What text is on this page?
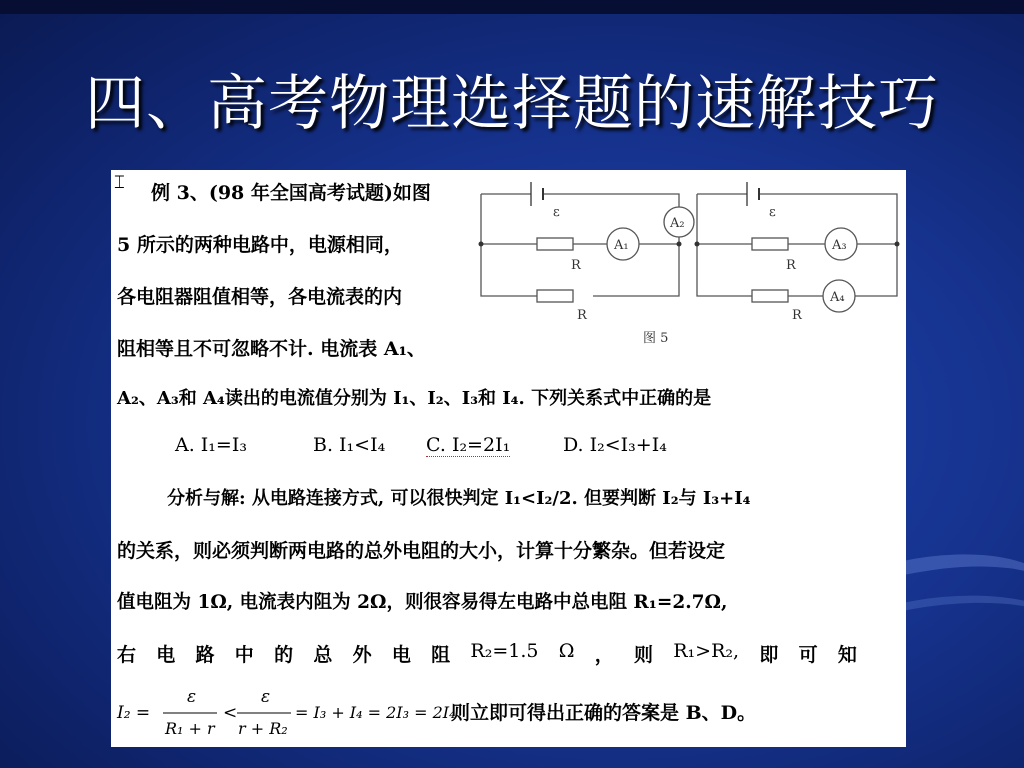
四、高考物理选择题的速解技巧
⌶ 例 3、(98 年全国高考试题)如图
5 所示的两种电路中，电源相同，
各电阻器阻值相等，各电流表的内
阻相等且不可忽略不计. 电流表 A₁、
A₂、A₃和 A₄读出的电流值分别为 I₁、I₂、I₃和 I₄. 下列关系式中正确的是
A. I₁=I₃	B. I₁<I₄ C. I₂=2I₁	D. I₂<I₃+I₄
分析与解: 从电路连接方式, 可以很快判定 I₁<I₂/2. 但要判断 I₂与 I₃+I₄
的关系，则必须判断两电路的总外电阻的大小，计算十分繁杂。但若设定
值电阻为 1Ω, 电流表内阻为 2Ω，则很容易得左电路中总电阻 R₁=2.7Ω,
右 电 路 中 的 总 外 电 阻 R₂=1.5 Ω ， 则 R₁>R₂, 即 可 知
I₂ =
ε
R₁ + r
<
ε
r + R₂
= I₃ + I₄ = 2I₃ = 2I₄
则立即可得出正确的答案是 B、D。
ε	ε
A₁
A₂
A₃
A₄
R
R
R
R
图 5
